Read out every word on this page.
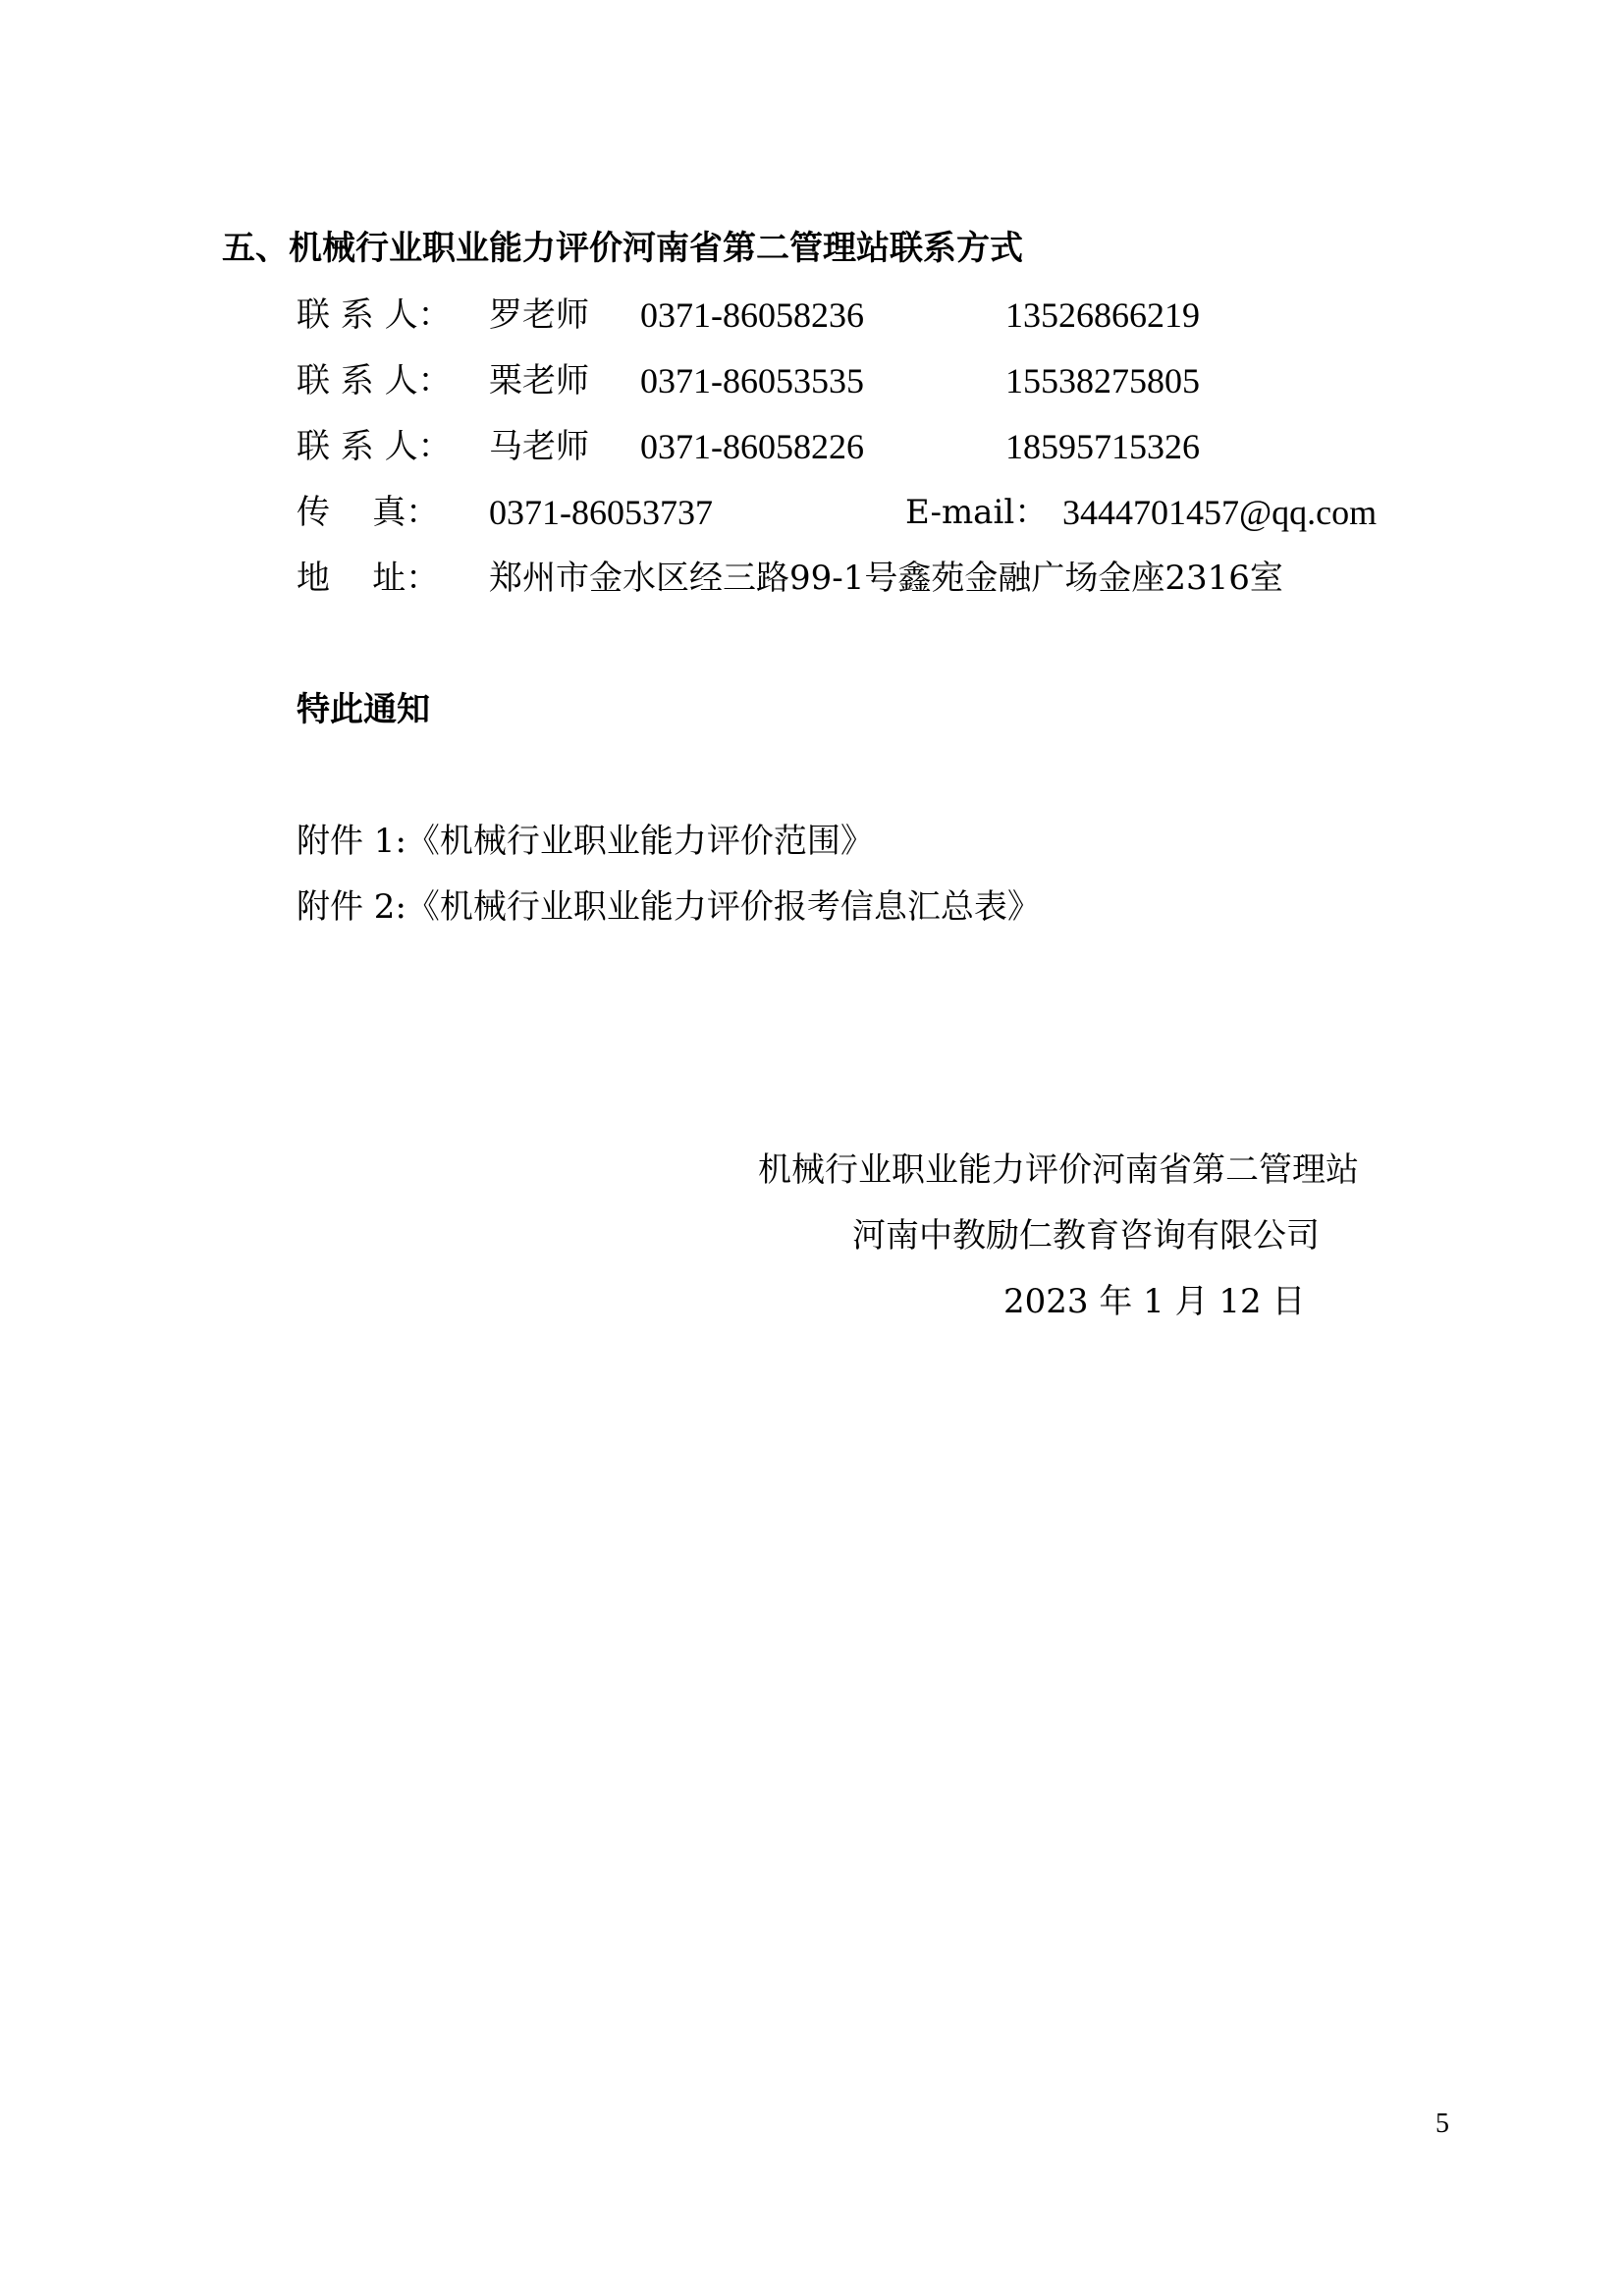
五、机械行业职业能力评价河南省第二管理站联系方式
联 系 人： 罗老师 0371-86058236	13526866219
联 系 人： 栗老师 0371-86053535	15538275805
联 系 人： 马老师 0371-86058226	18595715326
传    真： 0371-86053737	E-mail： 3444701457@qq.com
地    址： 郑州市金水区经三路99-1号鑫苑金融广场金座2316室
特此通知
附件 1:《机械行业职业能力评价范围》
附件 2:《机械行业职业能力评价报考信息汇总表》
机械行业职业能力评价河南省第二管理站
河南中教励仁教育咨询有限公司
2023 年 1 月 12 日
5
